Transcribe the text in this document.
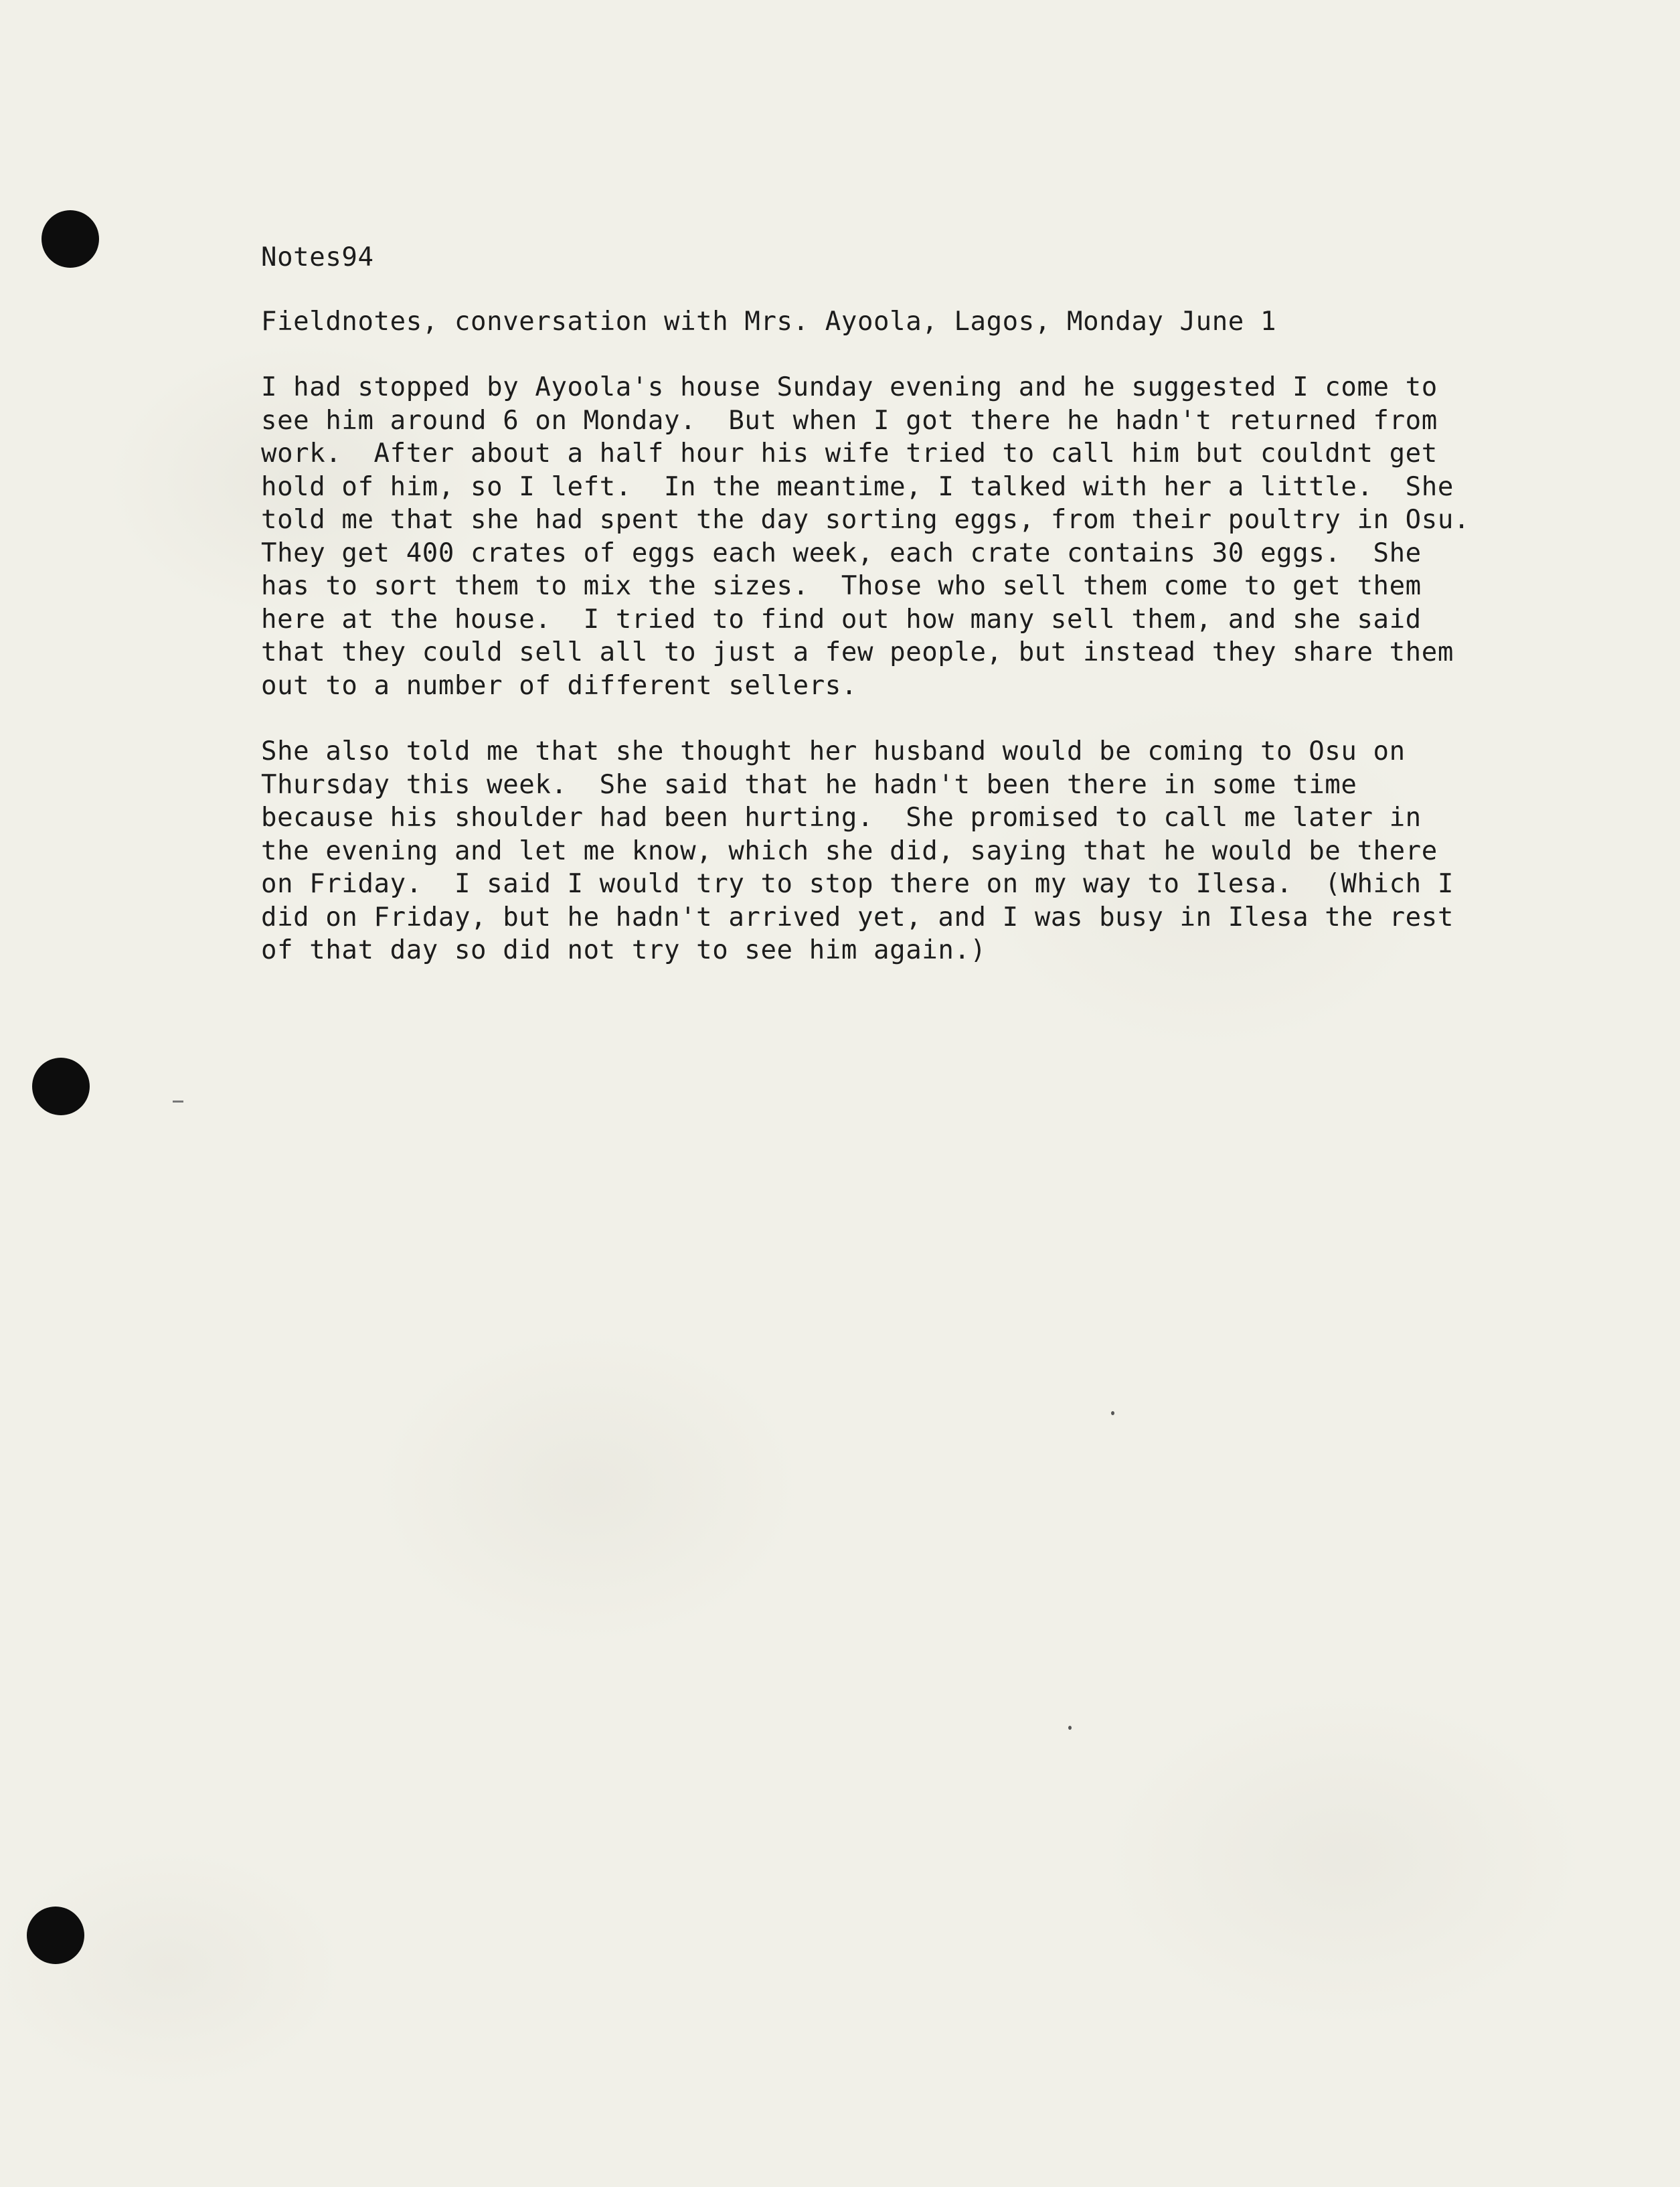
Notes94

Fieldnotes, conversation with Mrs. Ayoola, Lagos, Monday June 1

I had stopped by Ayoola's house Sunday evening and he suggested I come to

see him around 6 on Monday.  But when I got there he hadn't returned from

work.  After about a half hour his wife tried to call him but couldnt get

hold of him, so I left.  In the meantime, I talked with her a little.  She

told me that she had spent the day sorting eggs, from their poultry in Osu.

They get 400 crates of eggs each week, each crate contains 30 eggs.  She

has to sort them to mix the sizes.  Those who sell them come to get them

here at the house.  I tried to find out how many sell them, and she said

that they could sell all to just a few people, but instead they share them

out to a number of different sellers.

She also told me that she thought her husband would be coming to Osu on

Thursday this week.  She said that he hadn't been there in some time

because his shoulder had been hurting.  She promised to call me later in

the evening and let me know, which she did, saying that he would be there

on Friday.  I said I would try to stop there on my way to Ilesa.  (Which I

did on Friday, but he hadn't arrived yet, and I was busy in Ilesa the rest

of that day so did not try to see him again.)
